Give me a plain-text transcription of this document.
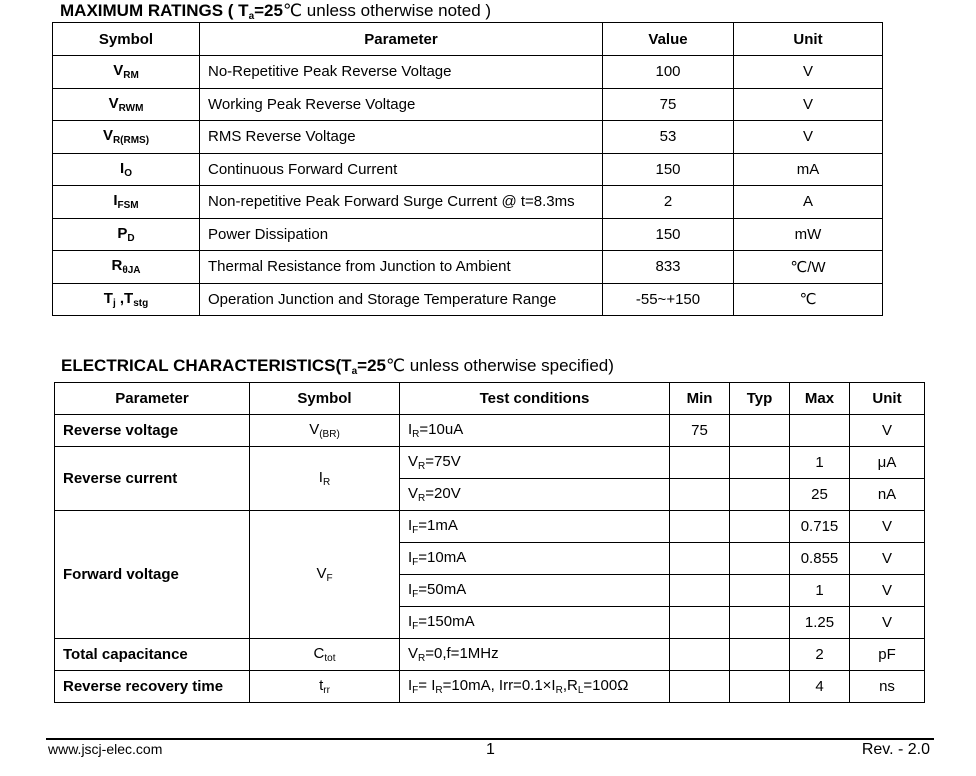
MAXIMUM RATINGS ( $T_a=25℃$ unless otherwise noted )
Symbol	Parameter	Value	Unit
$V_{RM}$	No-Repetitive Peak Reverse Voltage	100	V
$V_{RWM}$	Working Peak Reverse Voltage	75	V
$V_{R(RMS)}$	RMS Reverse Voltage	53	V
$I_O$	Continuous Forward Current	150	mA
$I_{FSM}$	Non-repetitive Peak Forward Surge Current @ t=8.3ms	2	A
$P_D$	Power Dissipation	150	mW
$R_{\theta JA}$	Thermal Resistance from Junction to Ambient	833	℃/W
$T_j$ $,T_{stg}$	Operation Junction and Storage Temperature Range	-55~+150	℃
ELECTRICAL $CHARACTERISTICS(T_a=25℃$ unless otherwise specified)
Parameter	Symbol	Test conditions	Min	Typ	Max	Unit
Reverse voltage	$V_{(BR)}$	$I_R=10uA$	75			V
Reverse current	$I_R$	$V_R=75V$			1	μA
		$V_R=20V$			25	nA
Forward voltage	$V_F$	$I_F=1mA$			0.715	V
		$I_F=10mA$			0.855	V
		$I_F=50mA$			1	V
		$I_F=150mA$			1.25	V
Total capacitance	$C_{tot}$	$V_R=0,f=1MHz$			2	pF
Reverse recovery time	$t_{rr}$	$I_F= I_R=10mA$, $Irr=0.1\times I_R,R_L=100\Omega$			4	ns
www.jscj-elec.com	1	Rev. - 2.0
